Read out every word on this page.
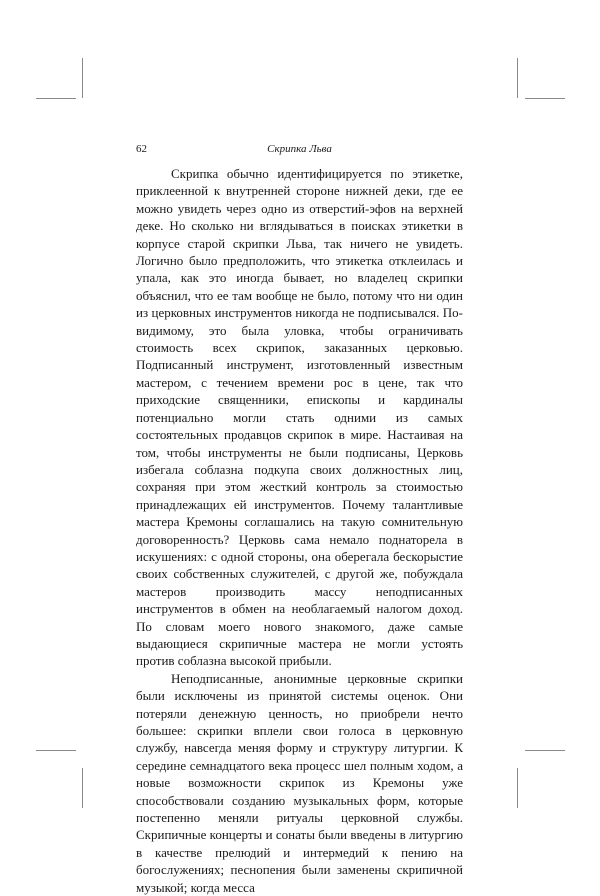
62	Скрипка Льва

Скрипка обычно идентифицируется по этикетке, приклеенной к внутренней стороне нижней деки, где ее можно увидеть через одно из отверстий-эфов на верхней деке. Но сколько ни вглядываться в поисках этикетки в корпусе старой скрипки Льва, так ничего не увидеть. Логично было предположить, что этикетка отклеилась и упала, как это иногда бывает, но владелец скрипки объяснил, что ее там вообще не было, потому что ни один из церковных инструментов никогда не подписывался. По-видимому, это была уловка, чтобы ограничивать стоимость всех скрипок, заказанных церковью. Подписанный инструмент, изготовленный известным мастером, с течением времени рос в цене, так что приходские священники, епископы и кардиналы потенциально могли стать одними из самых состоятельных продавцов скрипок в мире. Настаивая на том, чтобы инструменты не были подписаны, Церковь избегала соблазна подкупа своих должностных лиц, сохраняя при этом жесткий контроль за стоимостью принадлежащих ей инструментов. Почему талантливые мастера Кремоны соглашались на такую сомнительную договоренность? Церковь сама немало поднаторела в искушениях: с одной стороны, она оберегала бескорыстие своих собственных служителей, с другой же, побуждала мастеров производить массу неподписанных инструментов в обмен на необлагаемый налогом доход. По словам моего нового знакомого, даже самые выдающиеся скрипичные мастера не могли устоять против соблазна высокой прибыли.

Неподписанные, анонимные церковные скрипки были исключены из принятой системы оценок. Они потеряли денежную ценность, но приобрели нечто большее: скрипки вплели свои голоса в церковную службу, навсегда меняя форму и структуру литургии. К середине семнадцатого века процесс шел полным ходом, а новые возможности скрипок из Кремоны уже способствовали созданию музыкальных форм, которые постепенно меняли ритуалы церковной службы. Скрипичные концерты и сонаты были введены в литургию в качестве прелюдий и интермедий к пению на богослужениях; песнопения были заменены скрипичной музыкой; когда месса
